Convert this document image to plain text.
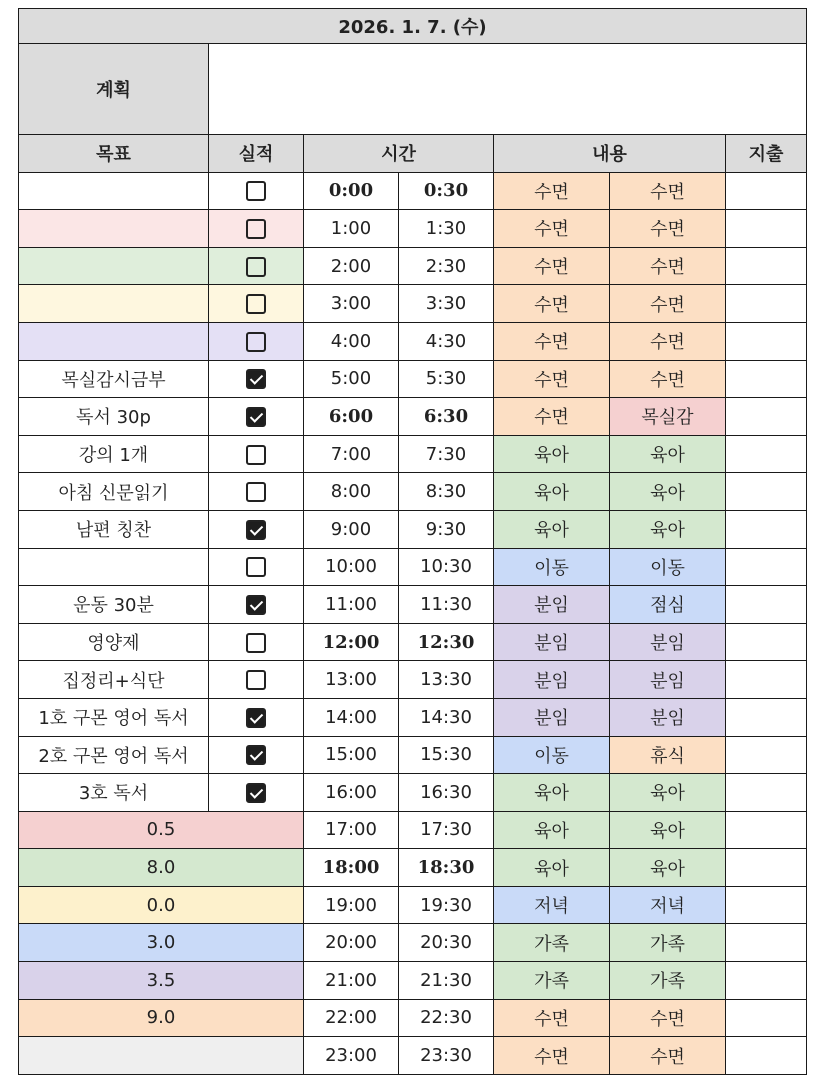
2026. 1. 7. (수)						
계획						
목표	실적	시간		내용		지출
		0:00	0:30	수면	수면	
		1:00	1:30	수면	수면	
		2:00	2:30	수면	수면	
		3:00	3:30	수면	수면	
		4:00	4:30	수면	수면	
목실감시금부		5:00	5:30	수면	수면	
독서 30p		6:00	6:30	수면	목실감	
강의 1개		7:00	7:30	육아	육아	
아침 신문읽기		8:00	8:30	육아	육아	
남편 칭찬		9:00	9:30	육아	육아	
		10:00	10:30	이동	이동	
운동 30분		11:00	11:30	분임	점심	
영양제		12:00	12:30	분임	분임	
집정리+식단		13:00	13:30	분임	분임	
1호 구몬 영어 독서		14:00	14:30	분임	분임	
2호 구몬 영어 독서		15:00	15:30	이동	휴식	
3호 독서		16:00	16:30	육아	육아	
0.5		17:00	17:30	육아	육아	
8.0		18:00	18:30	육아	육아	
0.0		19:00	19:30	저녁	저녁	
3.0		20:00	20:30	가족	가족	
3.5		21:00	21:30	가족	가족	
9.0		22:00	22:30	수면	수면	
		23:00	23:30	수면	수면	
